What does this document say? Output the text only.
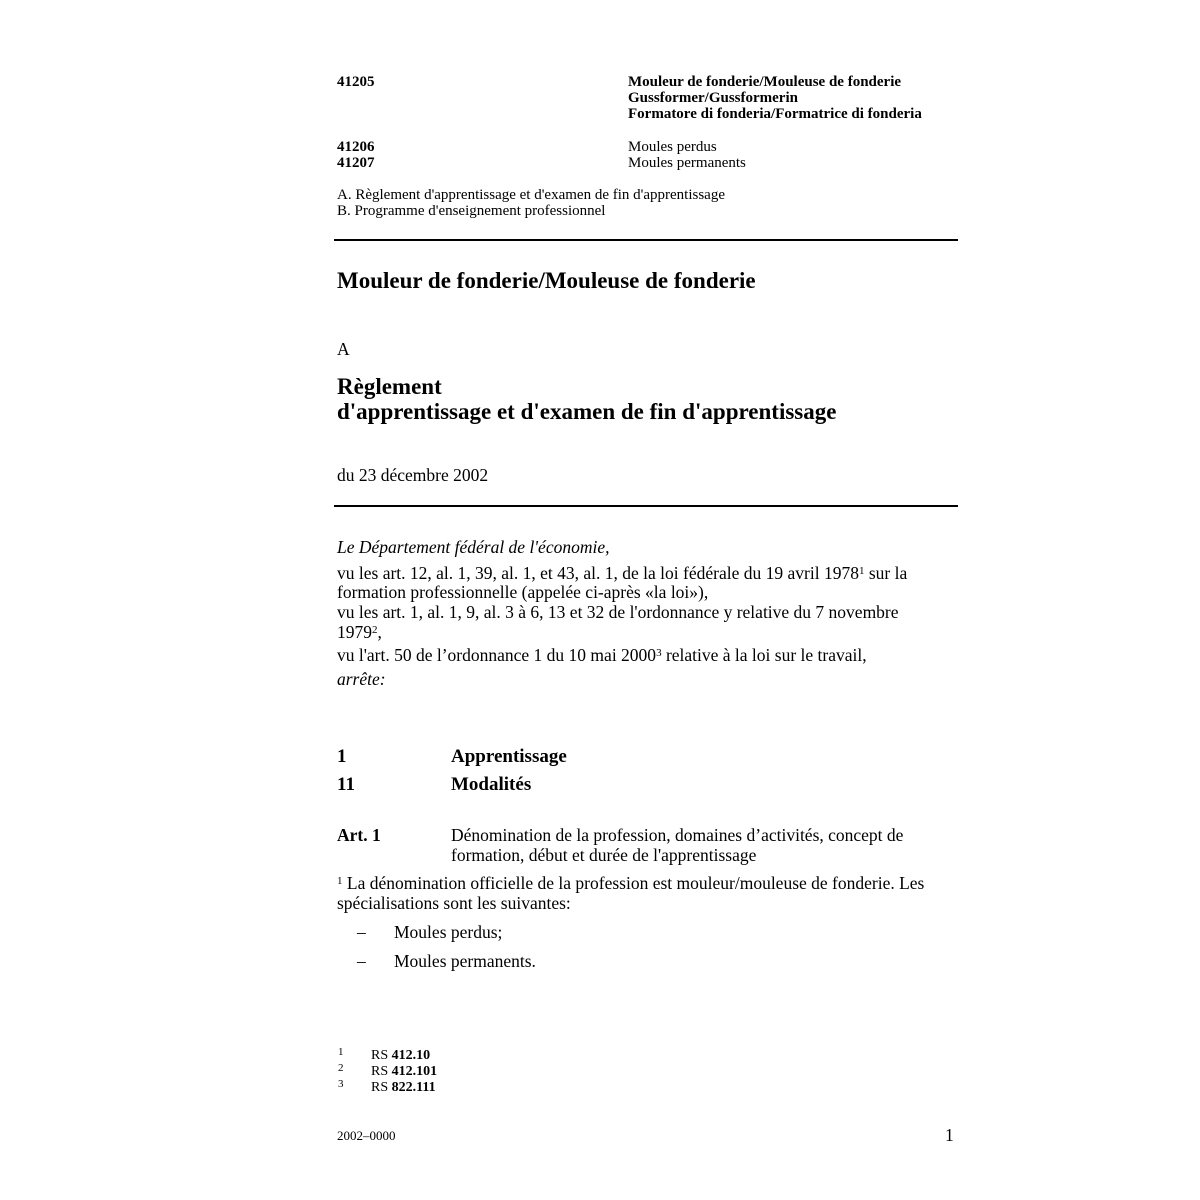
41205	Mouleur de fonderie/Mouleuse de fonderie
Gussformer/Gussformerin
Formatore di fonderia/Formatrice di fonderia
41206	Moules perdus
41207	Moules permanents
A. Règlement d'apprentissage et d'examen de fin d'apprentissage
B. Programme d'enseignement professionnel
Mouleur de fonderie/Mouleuse de fonderie
A
Règlement
d'apprentissage et d'examen de fin d'apprentissage
du 23 décembre 2002
Le Département fédéral de l'économie,
vu les art. 12, al. 1, 39, al. 1, et 43, al. 1, de la loi fédérale du 19 avril 1978$^1$ sur la
formation professionnelle (appelée ci-après «la loi»),
vu les art. 1, al. 1, 9, al. 3 à 6, 13 et 32 de l'ordonnance y relative du 7 novembre
1979$^2$,
vu l'art. 50 de l’ordonnance 1 du 10 mai 2000$^3$ relative à la loi sur le travail,
arrête:
1	Apprentissage
11	Modalités
Art. 1	Dénomination de la profession, domaines d’activités, concept de
formation, début et durée de l'apprentissage
$^1$ La dénomination officielle de la profession est mouleur/mouleuse de fonderie. Les
spécialisations sont les suivantes:
– Moules perdus;
– Moules permanents.
1 RS 412.10
2 RS 412.101
3 RS 822.111
2002–0000	1
